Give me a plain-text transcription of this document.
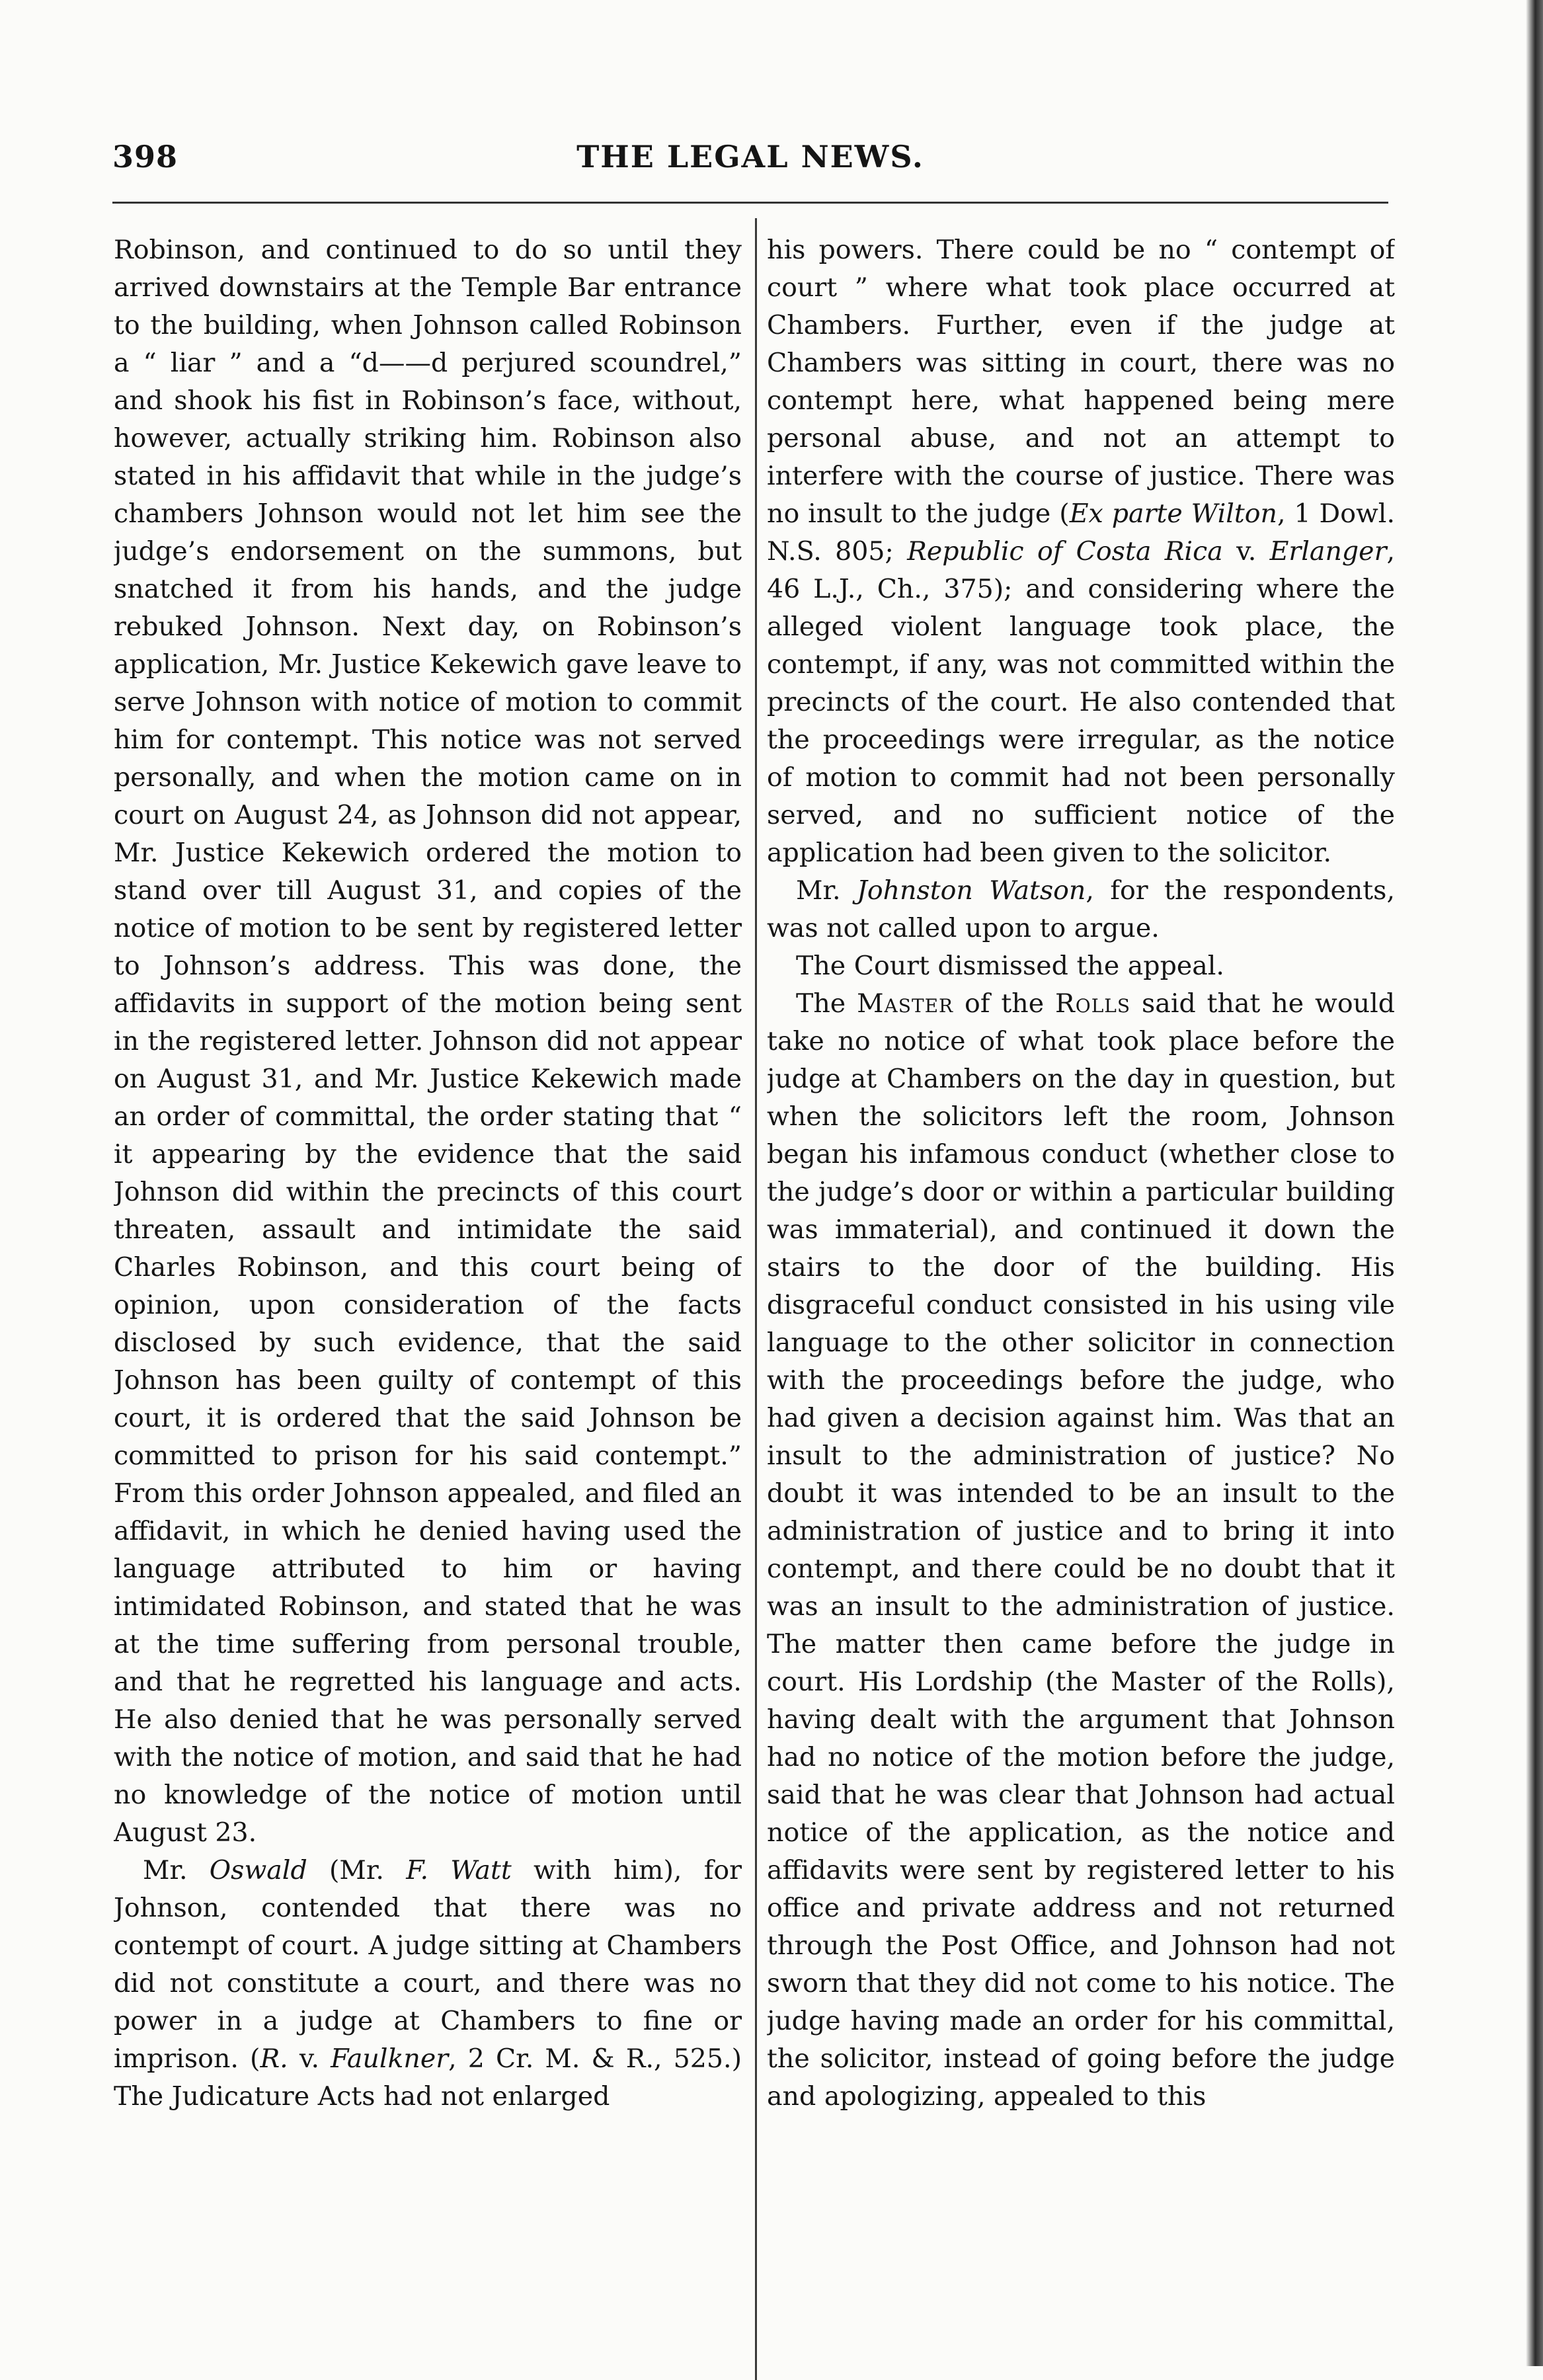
398	THE LEGAL NEWS.

Robinson, and continued to do so until they arrived downstairs at the Temple Bar entrance to the building, when Johnson called Robinson a “ liar ” and a “d——d perjured scoundrel,” and shook his fist in Robinson’s face, without, however, actually striking him. Robinson also stated in his affidavit that while in the judge’s chambers Johnson would not let him see the judge’s endorsement on the summons, but snatched it from his hands, and the judge rebuked Johnson. Next day, on Robinson’s application, Mr. Justice Kekewich gave leave to serve Johnson with notice of motion to commit him for contempt. This notice was not served personally, and when the motion came on in court on August 24, as Johnson did not appear, Mr. Justice Kekewich ordered the motion to stand over till August 31, and copies of the notice of motion to be sent by registered letter to Johnson’s address. This was done, the affidavits in support of the motion being sent in the registered letter. Johnson did not appear on August 31, and Mr. Justice Kekewich made an order of committal, the order stating that “ it appearing by the evidence that the said Johnson did within the precincts of this court threaten, assault and intimidate the said Charles Robinson, and this court being of opinion, upon consideration of the facts disclosed by such evidence, that the said Johnson has been guilty of contempt of this court, it is ordered that the said Johnson be committed to prison for his said contempt.” From this order Johnson appealed, and filed an affidavit, in which he denied having used the language attributed to him or having intimidated Robinson, and stated that he was at the time suffering from personal trouble, and that he regretted his language and acts. He also denied that he was personally served with the notice of motion, and said that he had no knowledge of the notice of motion until August 23.

Mr. Oswald (Mr. F. Watt with him), for Johnson, contended that there was no contempt of court. A judge sitting at Chambers did not constitute a court, and there was no power in a judge at Chambers to fine or imprison. (R. v. Faulkner, 2 Cr. M. & R., 525.) The Judicature Acts had not enlarged

his powers. There could be no “ contempt of court ” where what took place occurred at Chambers. Further, even if the judge at Chambers was sitting in court, there was no contempt here, what happened being mere personal abuse, and not an attempt to interfere with the course of justice. There was no insult to the judge (Ex parte Wilton, 1 Dowl. N.S. 805; Republic of Costa Rica v. Erlanger, 46 L.J., Ch., 375); and considering where the alleged violent language took place, the contempt, if any, was not committed within the precincts of the court. He also contended that the proceedings were irregular, as the notice of motion to commit had not been personally served, and no sufficient notice of the application had been given to the solicitor.

Mr. Johnston Watson, for the respondents, was not called upon to argue.

The Court dismissed the appeal.

The Master of the Rolls said that he would take no notice of what took place before the judge at Chambers on the day in question, but when the solicitors left the room, Johnson began his infamous conduct (whether close to the judge’s door or within a particular building was immaterial), and continued it down the stairs to the door of the building. His disgraceful conduct consisted in his using vile language to the other solicitor in connection with the proceedings before the judge, who had given a decision against him. Was that an insult to the administration of justice? No doubt it was intended to be an insult to the administration of justice and to bring it into contempt, and there could be no doubt that it was an insult to the administration of justice. The matter then came before the judge in court. His Lordship (the Master of the Rolls), having dealt with the argument that Johnson had no notice of the motion before the judge, said that he was clear that Johnson had actual notice of the application, as the notice and affidavits were sent by registered letter to his office and private address and not returned through the Post Office, and Johnson had not sworn that they did not come to his notice. The judge having made an order for his committal, the solicitor, instead of going before the judge and apologizing, appealed to this
